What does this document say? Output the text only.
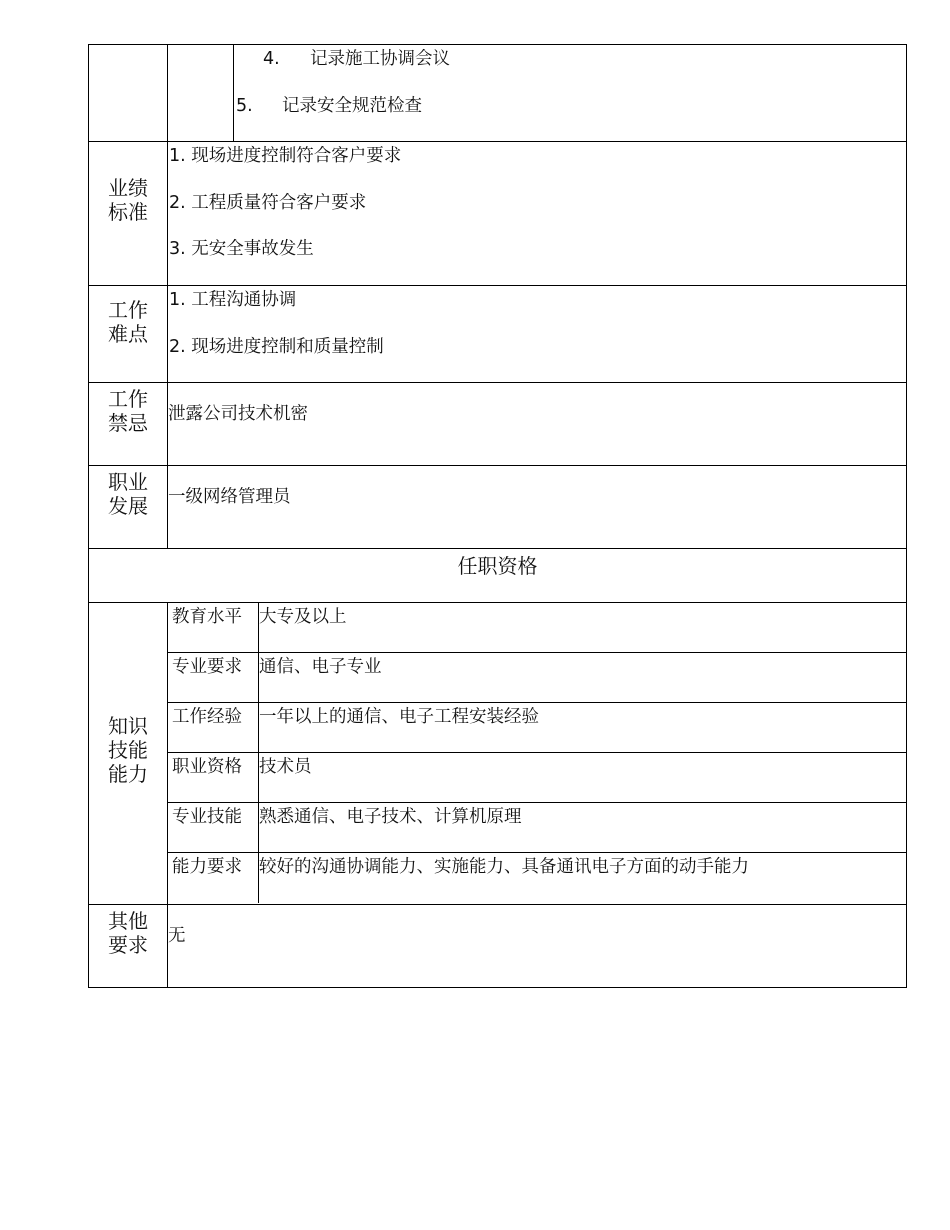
4. 记录施工协调会议
5. 记录安全规范检查
业绩
标准
1. 现场进度控制符合客户要求
2. 工程质量符合客户要求
3. 无安全事故发生
工作
难点
1. 工程沟通协调
2. 现场进度控制和质量控制
工作
禁忌 泄露公司技术机密
职业
发展 一级网络管理员
任职资格
知识
技能
能力
教育水平 大专及以上
专业要求 通信、电子专业
工作经验 一年以上的通信、电子工程安装经验
职业资格 技术员
专业技能 熟悉通信、电子技术、计算机原理
能力要求 较好的沟通协调能力、实施能力、具备通讯电子方面的动手能力
其他
要求 无
